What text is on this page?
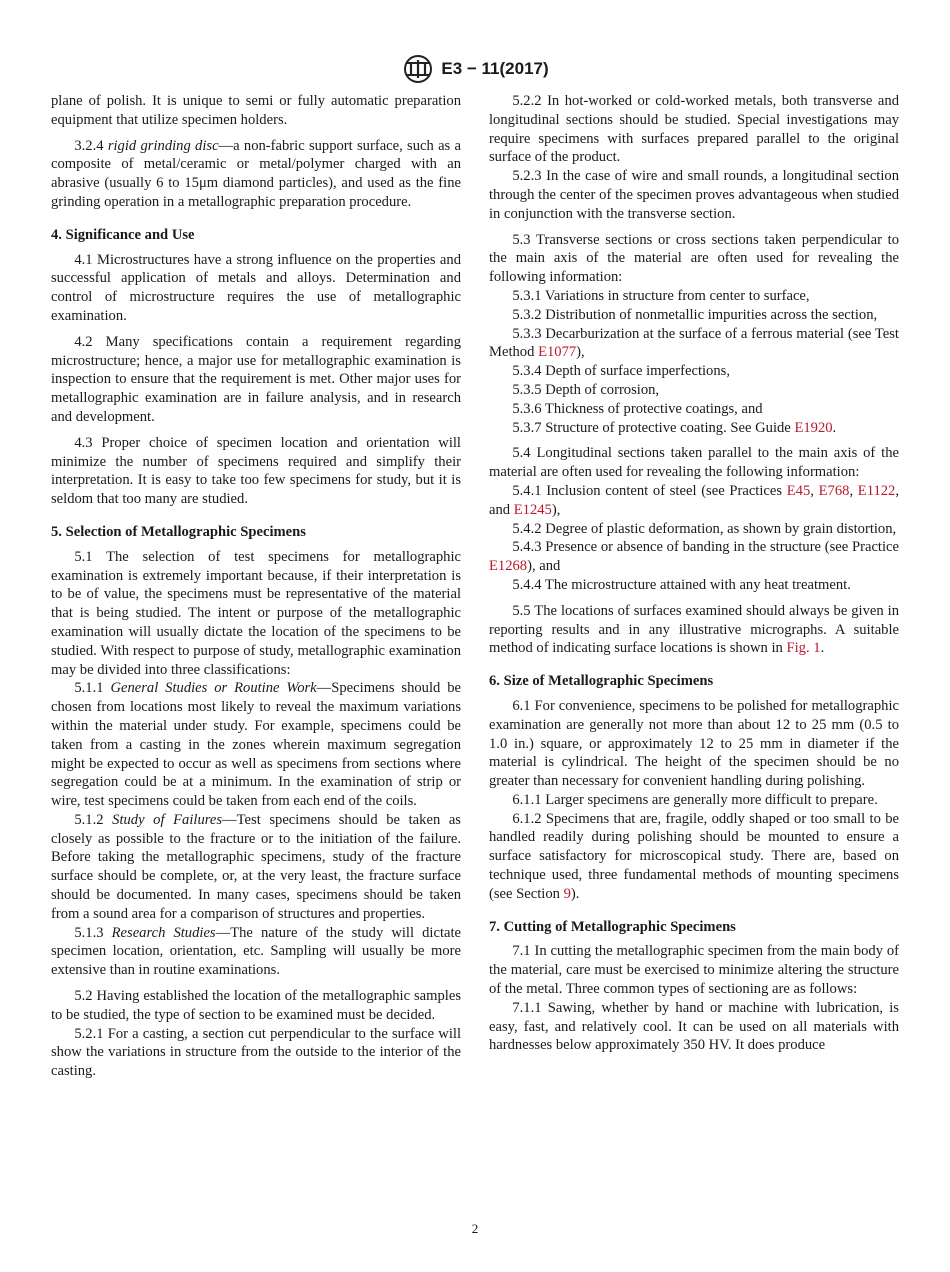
E3 − 11(2017)

plane of polish. It is unique to semi or fully automatic preparation equipment that utilize specimen holders.

3.2.4 rigid grinding disc—a non-fabric support surface, such as a composite of metal/ceramic or metal/polymer charged with an abrasive (usually 6 to 15μm diamond particles), and used as the fine grinding operation in a metallographic preparation procedure.

4. Significance and Use

4.1 Microstructures have a strong influence on the properties and successful application of metals and alloys. Determination and control of microstructure requires the use of metallographic examination.

4.2 Many specifications contain a requirement regarding microstructure; hence, a major use for metallographic examination is inspection to ensure that the requirement is met. Other major uses for metallographic examination are in failure analysis, and in research and development.

4.3 Proper choice of specimen location and orientation will minimize the number of specimens required and simplify their interpretation. It is easy to take too few specimens for study, but it is seldom that too many are studied.

5. Selection of Metallographic Specimens

5.1 The selection of test specimens for metallographic examination is extremely important because, if their interpretation is to be of value, the specimens must be representative of the material that is being studied. The intent or purpose of the metallographic examination will usually dictate the location of the specimens to be studied. With respect to purpose of study, metallographic examination may be divided into three classifications:

5.1.1 General Studies or Routine Work—Specimens should be chosen from locations most likely to reveal the maximum variations within the material under study. For example, specimens could be taken from a casting in the zones wherein maximum segregation might be expected to occur as well as specimens from sections where segregation could be at a minimum. In the examination of strip or wire, test specimens could be taken from each end of the coils.

5.1.2 Study of Failures—Test specimens should be taken as closely as possible to the fracture or to the initiation of the failure. Before taking the metallographic specimens, study of the fracture surface should be complete, or, at the very least, the fracture surface should be documented. In many cases, specimens should be taken from a sound area for a comparison of structures and properties.

5.1.3 Research Studies—The nature of the study will dictate specimen location, orientation, etc. Sampling will usually be more extensive than in routine examinations.

5.2 Having established the location of the metallographic samples to be studied, the type of section to be examined must be decided.

5.2.1 For a casting, a section cut perpendicular to the surface will show the variations in structure from the outside to the interior of the casting.

5.2.2 In hot-worked or cold-worked metals, both transverse and longitudinal sections should be studied. Special investigations may require specimens with surfaces prepared parallel to the original surface of the product.

5.2.3 In the case of wire and small rounds, a longitudinal section through the center of the specimen proves advantageous when studied in conjunction with the transverse section.

5.3 Transverse sections or cross sections taken perpendicular to the main axis of the material are often used for revealing the following information:

5.3.1 Variations in structure from center to surface,

5.3.2 Distribution of nonmetallic impurities across the section,

5.3.3 Decarburization at the surface of a ferrous material (see Test Method E1077),

5.3.4 Depth of surface imperfections,

5.3.5 Depth of corrosion,

5.3.6 Thickness of protective coatings, and

5.3.7 Structure of protective coating. See Guide E1920.

5.4 Longitudinal sections taken parallel to the main axis of the material are often used for revealing the following information:

5.4.1 Inclusion content of steel (see Practices E45, E768, E1122, and E1245),

5.4.2 Degree of plastic deformation, as shown by grain distortion,

5.4.3 Presence or absence of banding in the structure (see Practice E1268), and

5.4.4 The microstructure attained with any heat treatment.

5.5 The locations of surfaces examined should always be given in reporting results and in any illustrative micrographs. A suitable method of indicating surface locations is shown in Fig. 1.

6. Size of Metallographic Specimens

6.1 For convenience, specimens to be polished for metallographic examination are generally not more than about 12 to 25 mm (0.5 to 1.0 in.) square, or approximately 12 to 25 mm in diameter if the material is cylindrical. The height of the specimen should be no greater than necessary for convenient handling during polishing.

6.1.1 Larger specimens are generally more difficult to prepare.

6.1.2 Specimens that are, fragile, oddly shaped or too small to be handled readily during polishing should be mounted to ensure a surface satisfactory for microscopical study. There are, based on technique used, three fundamental methods of mounting specimens (see Section 9).

7. Cutting of Metallographic Specimens

7.1 In cutting the metallographic specimen from the main body of the material, care must be exercised to minimize altering the structure of the metal. Three common types of sectioning are as follows:

7.1.1 Sawing, whether by hand or machine with lubrication, is easy, fast, and relatively cool. It can be used on all materials with hardnesses below approximately 350 HV. It does produce

2
